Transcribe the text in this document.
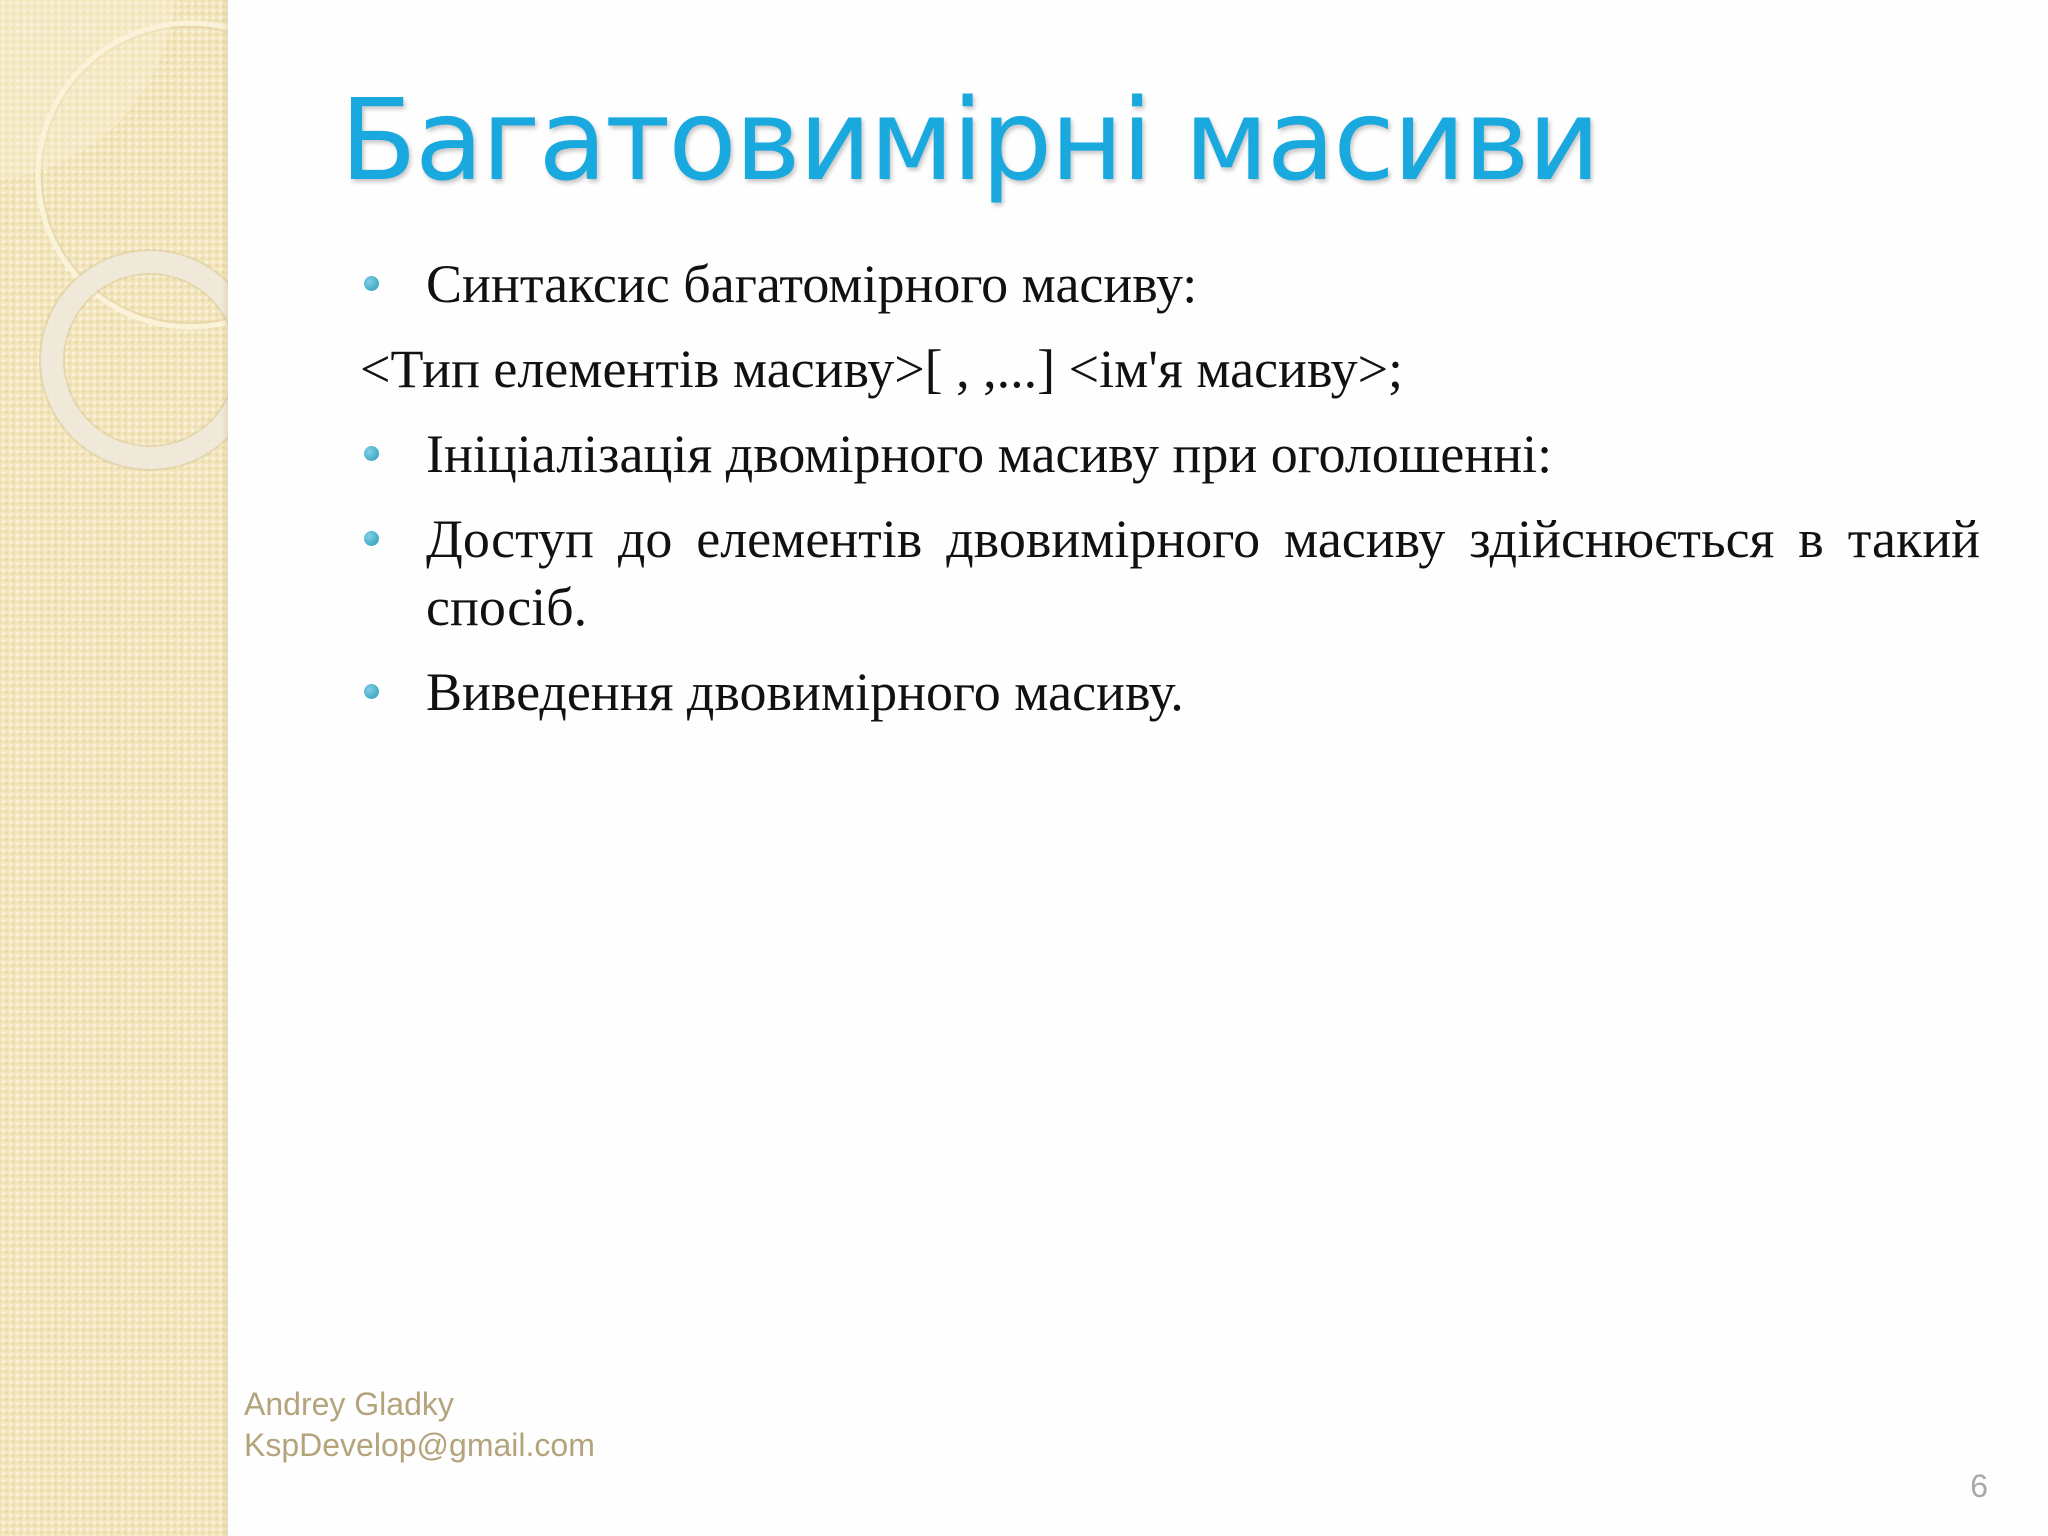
Багатовимірні масиви
Синтаксис багатомірного масиву:
<Тип елементів масиву>[ , ,...] <ім'я масиву>;
Ініціалізація двомірного масиву при оголошенні:
Доступ до елементів двовимірного масиву здійснюється в такий спосіб.
Виведення двовимірного масиву.
Andrey Gladky
KspDevelop@gmail.com
6
